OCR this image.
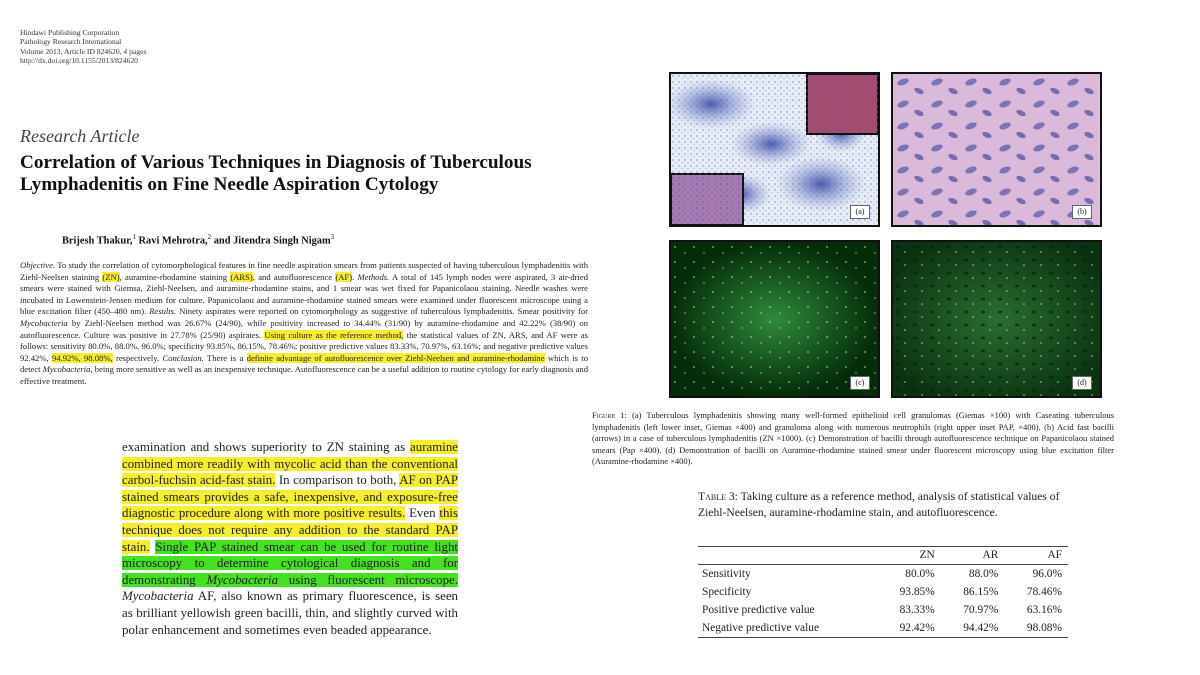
Hindawi Publishing Corporation
Pathology Research International
Volume 2013, Article ID 824620, 4 pages
http://dx.doi.org/10.1155/2013/824620
Research Article
Correlation of Various Techniques in Diagnosis of Tuberculous Lymphadenitis on Fine Needle Aspiration Cytology
Brijesh Thakur,$^1$ Ravi Mehrotra,$^2$ and Jitendra Singh Nigam$^3$
Objective. To study the correlation of cytomorphological features in fine needle aspiration smears from patients suspected of having tuberculous lymphadenitis with Ziehl-Neelsen staining (ZN), auramine-rhodamine staining (ARS), and autofluorescence (AF). Methods. A total of 145 lymph nodes were aspirated, 3 air-dried smears were stained with Giemsa, Ziehl-Neelsen, and auramine-rhodamine stains, and 1 smear was wet fixed for Papanicolaou staining. Needle washes were incubated in Lowenstein-Jensen medium for culture. Papanicolaou and auramine-rhodamine stained smears were examined under fluorescent microscope using a blue excitation filter (450–480 nm). Results. Ninety aspirates were reported on cytomorphology as suggestive of tuberculous lymphadenitis. Smear positivity for Mycobacteria by Ziehl-Neelsen method was 26.67% (24/90), while positivity increased to 34.44% (31/90) by auramine-rhodamine and 42.22% (38/90) on autofluorescence. Culture was positive in 27.78% (25/90) aspirates. Using culture as the reference method, the statistical values of ZN, ARS, and AF were as follows: sensitivity 80.0%, 88.0%, 96.0%; specificity 93.85%, 86.15%, 78.46%; positive predictive values 83.33%, 70.97%, 63.16%; and negative predictive values 92.42%, 94.92%, 98.08%, respectively. Conclusion. There is a definite advantage of autofluorescence over Ziehl-Neelsen and auramine-rhodamine which is to detect Mycobacteria, being more sensitive as well as an inexpensive technique. Autofluorescence can be a useful addition to routine cytology for early diagnosis and effective treatment.
examination and shows superiority to ZN staining as auramine combined more readily with mycolic acid than the conventional carbol-fuchsin acid-fast stain. In comparison to both, AF on PAP stained smears provides a safe, inexpensive, and exposure-free diagnostic procedure along with more positive results. Even this technique does not require any addition to the standard PAP stain. Single PAP stained smear can be used for routine light microscopy to determine cytological diagnosis and for demonstrating Mycobacteria using fluorescent microscope. Mycobacteria AF, also known as primary fluorescence, is seen as brilliant yellowish green bacilli, thin, and slightly curved with polar enhancement and sometimes even beaded appearance.
(a)	(b)
(c)	(d)
Figure 1: (a) Tuberculous lymphadenitis showing many well-formed epithelioid cell granulomas (Giemas ×100) with Caseating tuberculous lymphadenitis (left lower inset, Giemas ×400) and granuloma along with numerous neutrophils (right upper inset PAP, ×400). (b) Acid fast bacilli (arrows) in a case of tuberculous lymphadenitis (ZN ×1000). (c) Demonstration of bacilli through autofluorescence technique on Papanicolaou stained smears (Pap ×400). (d) Demonstration of bacilli on Auramine-rhodamine stained smear under fluorescent microscopy using blue excitation filter (Auramine-rhodamine ×400).
Table 3: Taking culture as a reference method, analysis of statistical values of Ziehl-Neelsen, auramine-rhodamine stain, and autofluorescence.
	ZN	AR	AF
Sensitivity	80.0%	88.0%	96.0%
Specificity	93.85%	86.15%	78.46%
Positive predictive value	83.33%	70.97%	63.16%
Negative predictive value	92.42%	94.42%	98.08%
